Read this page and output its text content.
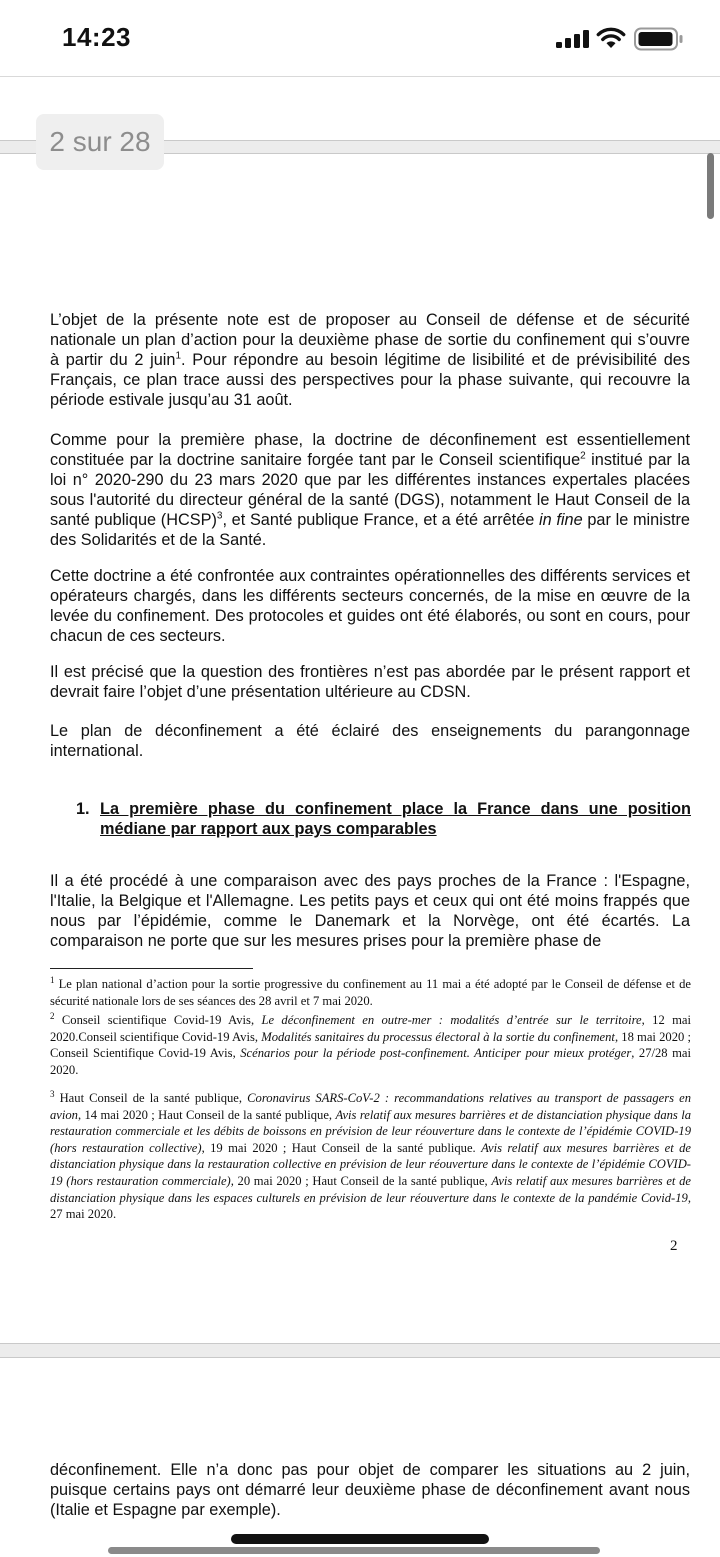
14:23
2 sur 28
L’objet de la présente note est de proposer au Conseil de défense et de sécurité nationale un plan d’action pour la deuxième phase de sortie du confinement qui s’ouvre à partir du 2 juin$^1$. Pour répondre au besoin légitime de lisibilité et de prévisibilité des Français, ce plan trace aussi des perspectives pour la phase suivante, qui recouvre la période estivale jusqu’au 31 août.
Comme pour la première phase, la doctrine de déconfinement est essentiellement constituée par la doctrine sanitaire forgée tant par le Conseil scientifique$^2$ institué par la loi n° 2020-290 du 23 mars 2020 que par les différentes instances expertales placées sous l'autorité du directeur général de la santé (DGS), notamment le Haut Conseil de la santé publique (HCSP)$^3$, et Santé publique France, et a été arrêtée in fine par le ministre des Solidarités et de la Santé.
Cette doctrine a été confrontée aux contraintes opérationnelles des différents services et opérateurs chargés, dans les différents secteurs concernés, de la mise en œuvre de la levée du confinement. Des protocoles et guides ont été élaborés, ou sont en cours, pour chacun de ces secteurs.
Il est précisé que la question des frontières n’est pas abordée par le présent rapport et devrait faire l’objet d’une présentation ultérieure au CDSN.
Le plan de déconfinement a été éclairé des enseignements du parangonnage international.
1. La première phase du confinement place la France dans une position médiane par rapport aux pays comparables
Il a été procédé à une comparaison avec des pays proches de la France : l'Espagne, l'Italie, la Belgique et l'Allemagne. Les petits pays et ceux qui ont été moins frappés que nous par l’épidémie, comme le Danemark et la Norvège, ont été écartés. La comparaison ne porte que sur les mesures prises pour la première phase de
$^1$ Le plan national d’action pour la sortie progressive du confinement au 11 mai a été adopté par le Conseil de défense et de sécurité nationale lors de ses séances des 28 avril et 7 mai 2020.
$^2$ Conseil scientifique Covid-19 Avis, Le déconfinement en outre-mer : modalités d’entrée sur le territoire, 12 mai 2020.Conseil scientifique Covid-19 Avis, Modalités sanitaires du processus électoral à la sortie du confinement, 18 mai 2020 ; Conseil Scientifique Covid-19 Avis, Scénarios pour la période post-confinement. Anticiper pour mieux protéger, 27/28 mai 2020.
$^3$ Haut Conseil de la santé publique, Coronavirus SARS-CoV-2 : recommandations relatives au transport de passagers en avion, 14 mai 2020 ; Haut Conseil de la santé publique, Avis relatif aux mesures barrières et de distanciation physique dans la restauration commerciale et les débits de boissons en prévision de leur réouverture dans le contexte de l’épidémie COVID-19 (hors restauration collective), 19 mai 2020 ; Haut Conseil de la santé publique. Avis relatif aux mesures barrières et de distanciation physique dans la restauration collective en prévision de leur réouverture dans le contexte de l’épidémie COVID-19 (hors restauration commerciale), 20 mai 2020 ; Haut Conseil de la santé publique, Avis relatif aux mesures barrières et de distanciation physique dans les espaces culturels en prévision de leur réouverture dans le contexte de la pandémie Covid-19, 27 mai 2020.
2
déconfinement. Elle n’a donc pas pour objet de comparer les situations au 2 juin, puisque certains pays ont démarré leur deuxième phase de déconfinement avant nous (Italie et Espagne par exemple).
